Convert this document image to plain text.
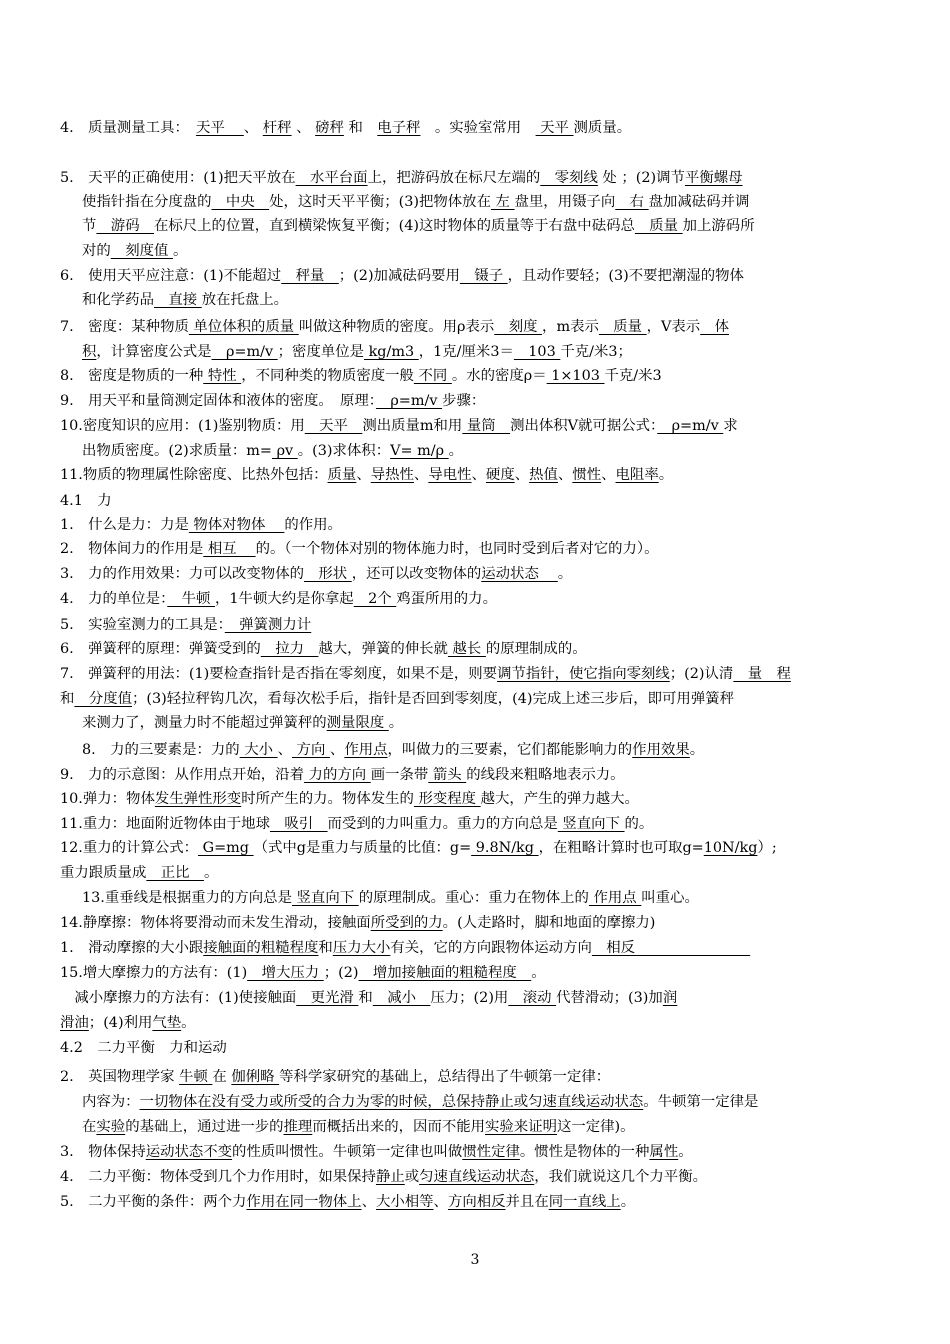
4.　质量测量工具：　天平　 、 杆秤 、 磅秤 和　电子秤　。实验室常用　 天平 测质量。
5.　天平的正确使用：(1)把天平放在　水平台面上，把游码放在标尺左端的　零刻线 处 ；(2)调节平衡螺母
使指针指在分度盘的　中央　处，这时天平平衡；(3)把物体放在 左 盘里，用镊子向　右 盘加减砝码并调
节　游码　在标尺上的位置，直到横梁恢复平衡；(4)这时物体的质量等于右盘中砝码总　质量 加上游码所
对的　刻度值 。
6.　使用天平应注意：(1)不能超过　秤量　；(2)加减砝码要用　镊子 ，且动作要轻；(3)不要把潮湿的物体
和化学药品　直接 放在托盘上。
7.　密度：某种物质 单位体积的质量 叫做这种物质的密度。用ρ表示　刻度 ，m表示　质量 ，V表示　体
积，计算密度公式是　ρ=m/v ；密度单位是 kg/m3 ，1克/厘米3＝　103 千克/米3；
8.　密度是物质的一种 特性 ，不同种类的物质密度一般 不同 。水的密度ρ＝ 1×103 千克/米3
9.　用天平和量筒测定固体和液体的密度。　原理：　ρ=m/v 步骤：
10.密度知识的应用：(1)鉴别物质：用　天平　测出质量m和用 量筒　测出体积V就可据公式：　ρ=m/v 求
出物质密度。(2)求质量：m= ρv 。(3)求体积：V= m/ρ 。
11.物质的物理属性除密度、比热外包括：质量、导热性、导电性、硬度、热值、惯性、电阻率。
4.1　力
1.　什么是力：力是 物体对物体　 的作用。
2.　物体间力的作用是 相互　 的。（一个物体对别的物体施力时，也同时受到后者对它的力）。
3.　力的作用效果：力可以改变物体的　形状 ，还可以改变物体的运动状态　 。
4.　力的单位是：　牛顿 ，1牛顿大约是你拿起　2个 鸡蛋所用的力。
5.　实验室测力的工具是：　弹簧测力计
6.　弹簧秤的原理：弹簧受到的　拉力　越大，弹簧的伸长就 越长 的原理制成的。
7.　弹簧秤的用法：(1)要检查指针是否指在零刻度，如果不是，则要调节指针，使它指向零刻线；(2)认清　量　程
和　分度值；(3)轻拉秤钩几次，看每次松手后，指针是否回到零刻度，(4)完成上述三步后，即可用弹簧秤
来测力了，测量力时不能超过弹簧秤的测量限度 。
8.　力的三要素是：力的 大小 、 方向 、作用点，叫做力的三要素，它们都能影响力的作用效果。
9.　力的示意图：从作用点开始，沿着 力的方向 画一条带 箭头 的线段来粗略地表示力。
10.弹力：物体发生弹性形变时所产生的力。物体发生的 形变程度 越大，产生的弹力越大。
11.重力：地面附近物体由于地球　吸引　而受到的力叫重力。重力的方向总是 竖直向下 的。
12.重力的计算公式： G=mg （式中g是重力与质量的比值：g= 9.8N/kg ，在粗略计算时也可取g=10N/kg）;
重力跟质量成　正比　。
13.重垂线是根据重力的方向总是 竖直向下 的原理制成。重心：重力在物体上的 作用点 叫重心。
14.静摩擦：物体将要滑动而未发生滑动，接触面所受到的力。(人走路时，脚和地面的摩擦力)
1.　滑动摩擦的大小跟接触面的粗糙程度和压力大小有关，它的方向跟物体运动方向　相反　　　　　　　　
15.增大摩擦力的方法有：(1)　增大压力 ；(2)　增加接触面的粗糙程度　。
　减小摩擦力的方法有：(1)使接触面　更光滑 和　减小　压力；(2)用　滚动 代替滑动；(3)加润
滑油；(4)利用气垫。
4.2　二力平衡　力和运动
2.　英国物理学家 牛顿 在 伽俐略 等科学家研究的基础上，总结得出了牛顿第一定律：
内容为：一切物体在没有受力或所受的合力为零的时候，总保持静止或匀速直线运动状态。牛顿第一定律是
在实验的基础上，通过进一步的推理而概括出来的，因而不能用实验来证明这一定律)。
3.　物体保持运动状态不变的性质叫惯性。牛顿第一定律也叫做惯性定律。惯性是物体的一种属性。
4.　二力平衡：物体受到几个力作用时，如果保持静止或匀速直线运动状态，我们就说这几个力平衡。
5.　二力平衡的条件：两个力作用在同一物体上、大小相等、方向相反并且在同一直线上。
3
